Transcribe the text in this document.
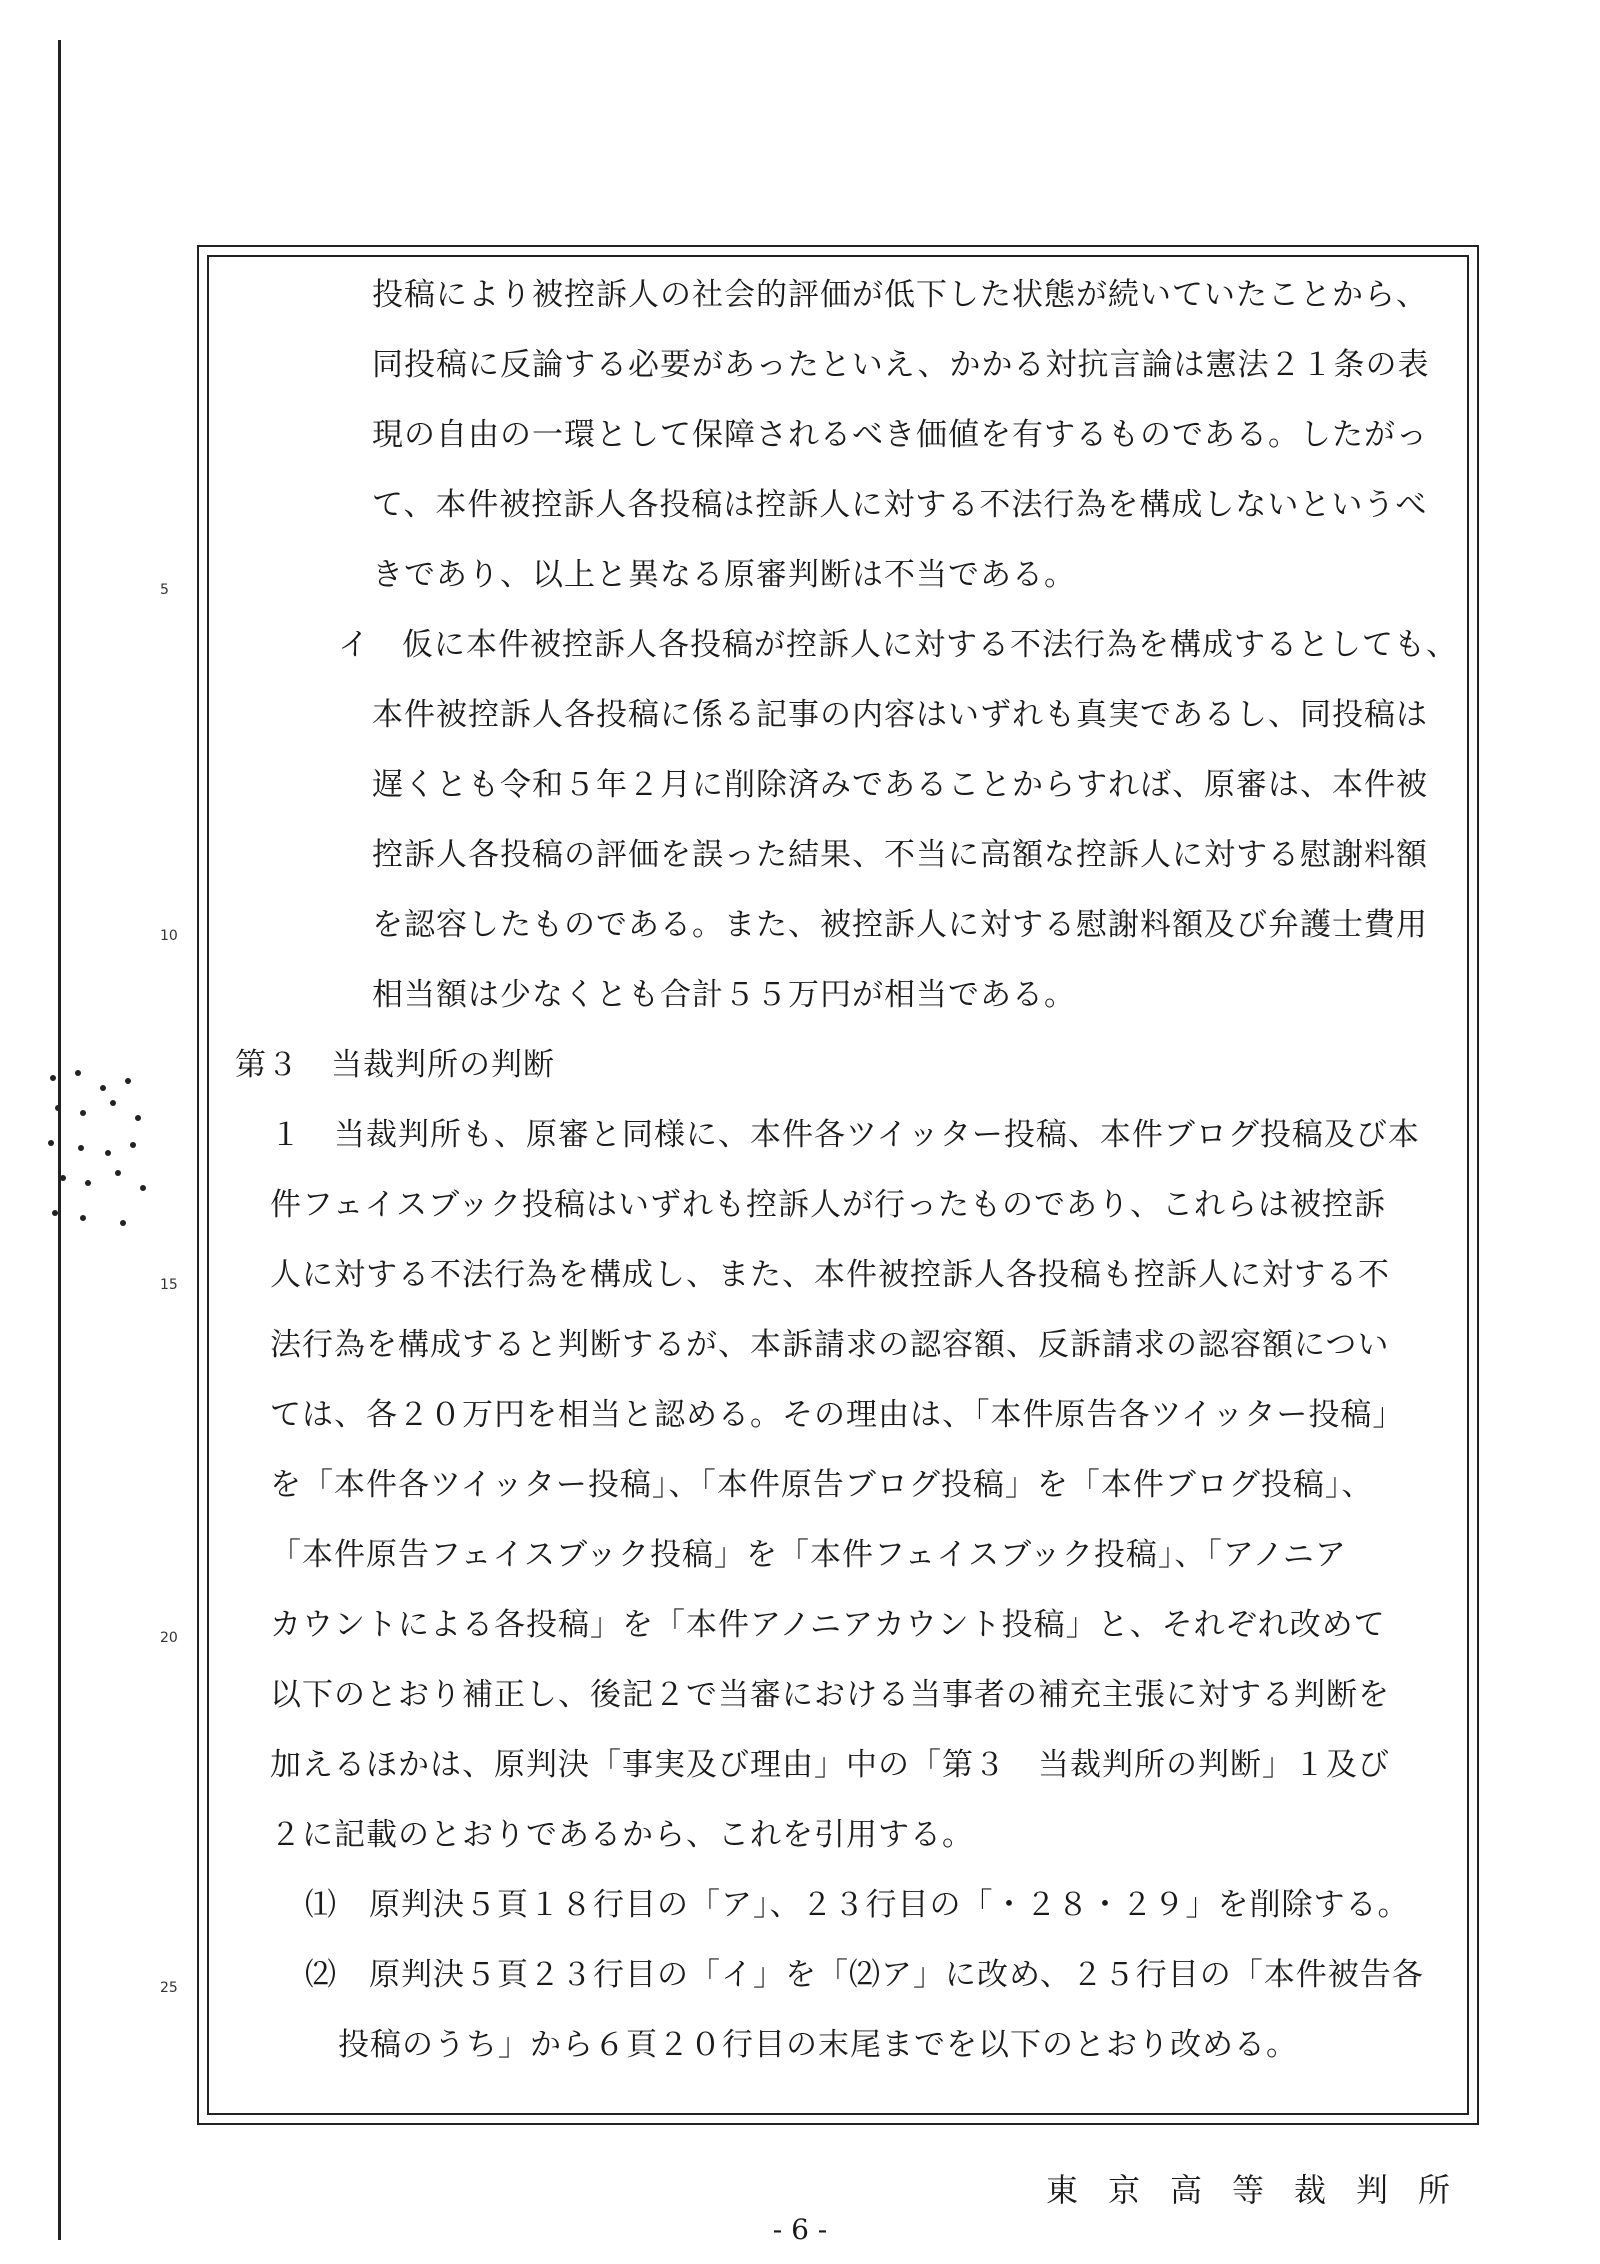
5
10
15
20
25
投稿により被控訴人の社会的評価が低下した状態が続いていたことから、
同投稿に反論する必要があったといえ、かかる対抗言論は憲法２１条の表
現の自由の一環として保障されるべき価値を有するものである。したがっ
て、本件被控訴人各投稿は控訴人に対する不法行為を構成しないというべ
きであり、以上と異なる原審判断は不当である。
イ　仮に本件被控訴人各投稿が控訴人に対する不法行為を構成するとしても、
本件被控訴人各投稿に係る記事の内容はいずれも真実であるし、同投稿は
遅くとも令和５年２月に削除済みであることからすれば、原審は、本件被
控訴人各投稿の評価を誤った結果、不当に高額な控訴人に対する慰謝料額
を認容したものである。また、被控訴人に対する慰謝料額及び弁護士費用
相当額は少なくとも合計５５万円が相当である。
第３　当裁判所の判断
１　当裁判所も、原審と同様に、本件各ツイッター投稿、本件ブログ投稿及び本
件フェイスブック投稿はいずれも控訴人が行ったものであり、これらは被控訴
人に対する不法行為を構成し、また、本件被控訴人各投稿も控訴人に対する不
法行為を構成すると判断するが、本訴請求の認容額、反訴請求の認容額につい
ては、各２０万円を相当と認める。その理由は、「本件原告各ツイッター投稿」
を「本件各ツイッター投稿」、「本件原告ブログ投稿」を「本件ブログ投稿」、
「本件原告フェイスブック投稿」を「本件フェイスブック投稿」、「アノニア
カウントによる各投稿」を「本件アノニアカウント投稿」と、それぞれ改めて
以下のとおり補正し、後記２で当審における当事者の補充主張に対する判断を
加えるほかは、原判決「事実及び理由」中の「第３　当裁判所の判断」１及び
２に記載のとおりであるから、これを引用する。
⑴　原判決５頁１８行目の「ア」、２３行目の「・２８・２９」を削除する。
⑵　原判決５頁２３行目の「イ」を「⑵ア」に改め、２５行目の「本件被告各
投稿のうち」から６頁２０行目の末尾までを以下のとおり改める。
東京高等裁判所
- 6 -
